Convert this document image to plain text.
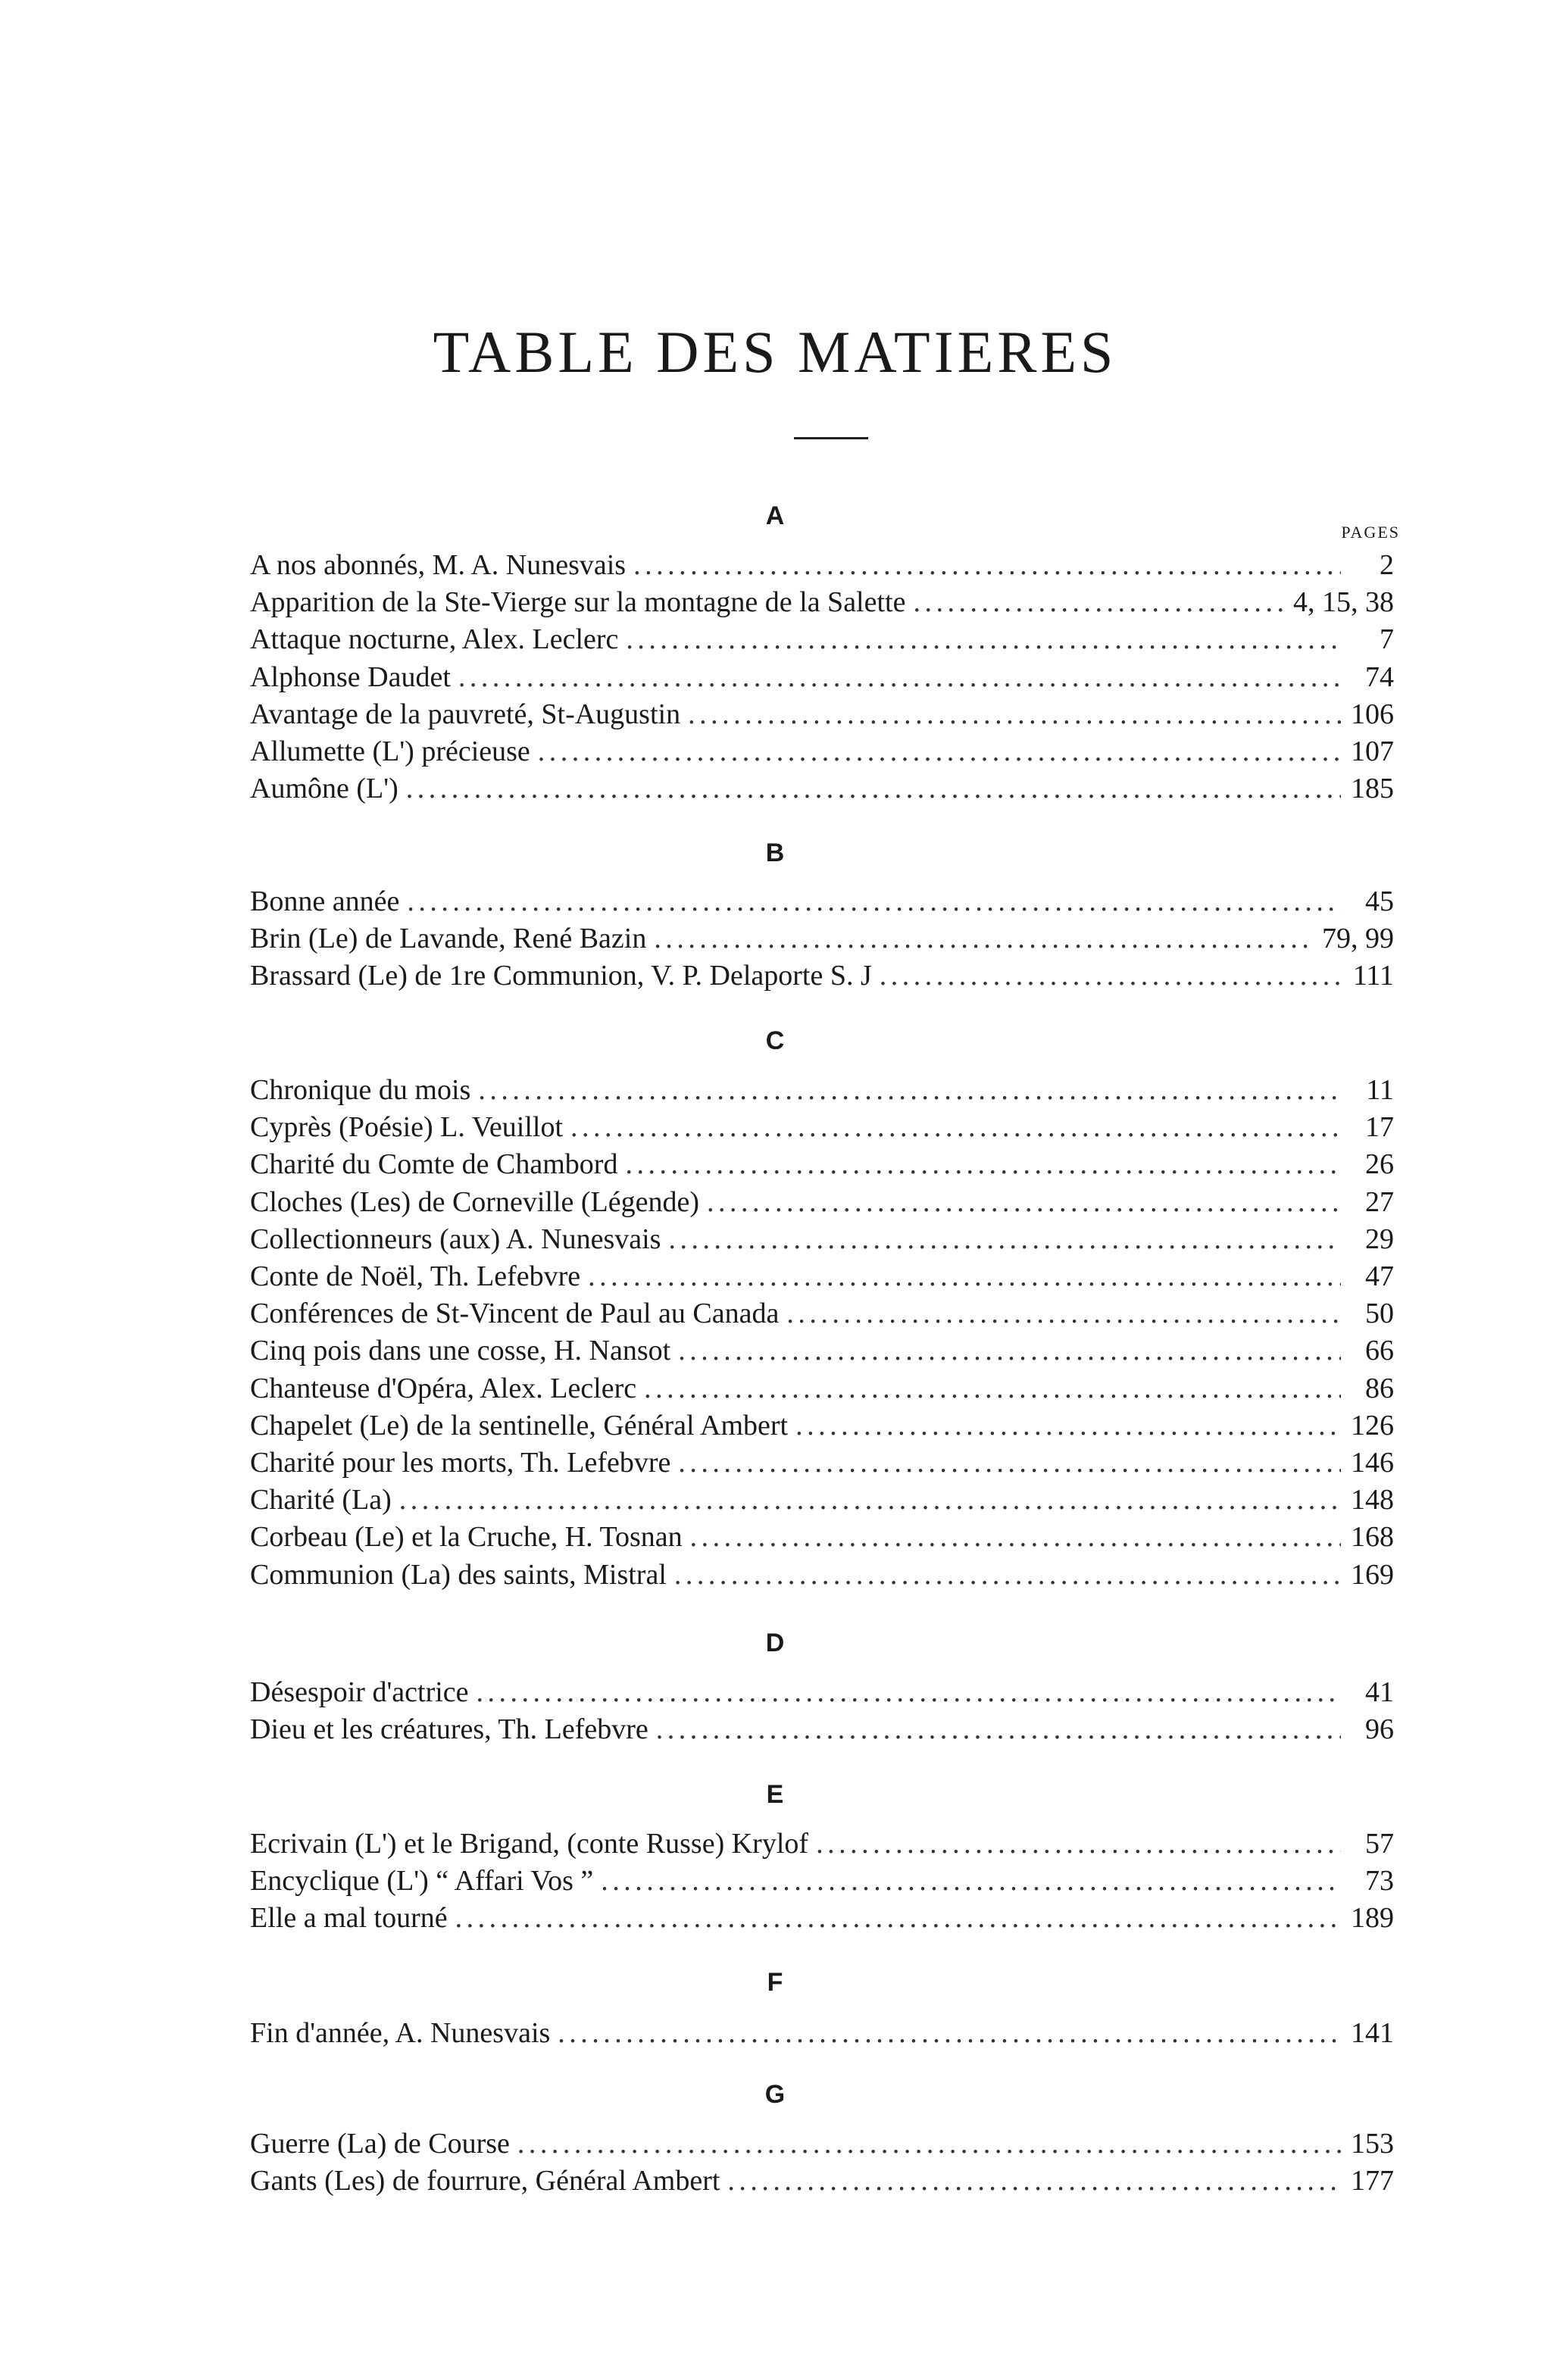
TABLE DES MATIERES
PAGES
A
A nos abonnés, M. A. Nunesvais . . .	2
Apparition de la Ste-Vierge sur la montagne de la Salette . . .	4, 15, 38
Attaque nocturne, Alex. Leclerc . . .	7
Alphonse Daudet . . .	74
Avantage de la pauvreté, St-Augustin . . .	106
Allumette (L') précieuse . . .	107
Aumône (L') . . .	185
B
Bonne année . . .	45
Brin (Le) de Lavande, René Bazin . . .	79, 99
Brassard (Le) de 1re Communion, V. P. Delaporte S. J . . .	111
C
Chronique du mois . . .	11
Cyprès (Poésie) L. Veuillot . . .	17
Charité du Comte de Chambord . . .	26
Cloches (Les) de Corneville (Légende) . . .	27
Collectionneurs (aux) A. Nunesvais . . .	29
Conte de Noël, Th. Lefebvre . . .	47
Conférences de St-Vincent de Paul au Canada . . .	50
Cinq pois dans une cosse, H. Nansot . . .	66
Chanteuse d'Opéra, Alex. Leclerc . . .	86
Chapelet (Le) de la sentinelle, Général Ambert . . .	126
Charité pour les morts, Th. Lefebvre . . .	146
Charité (La) . . .	148
Corbeau (Le) et la Cruche, H. Tosnan . . .	168
Communion (La) des saints, Mistral . . .	169
D
Désespoir d'actrice . . .	41
Dieu et les créatures, Th. Lefebvre . . .	96
E
Ecrivain (L') et le Brigand, (conte Russe) Krylof . . .	57
Encyclique (L') “ Affari Vos ” . . .	73
Elle a mal tourné . . .	189
F
Fin d'année, A. Nunesvais . . .	141
G
Guerre (La) de Course . . .	153
Gants (Les) de fourrure, Général Ambert . . .	177
